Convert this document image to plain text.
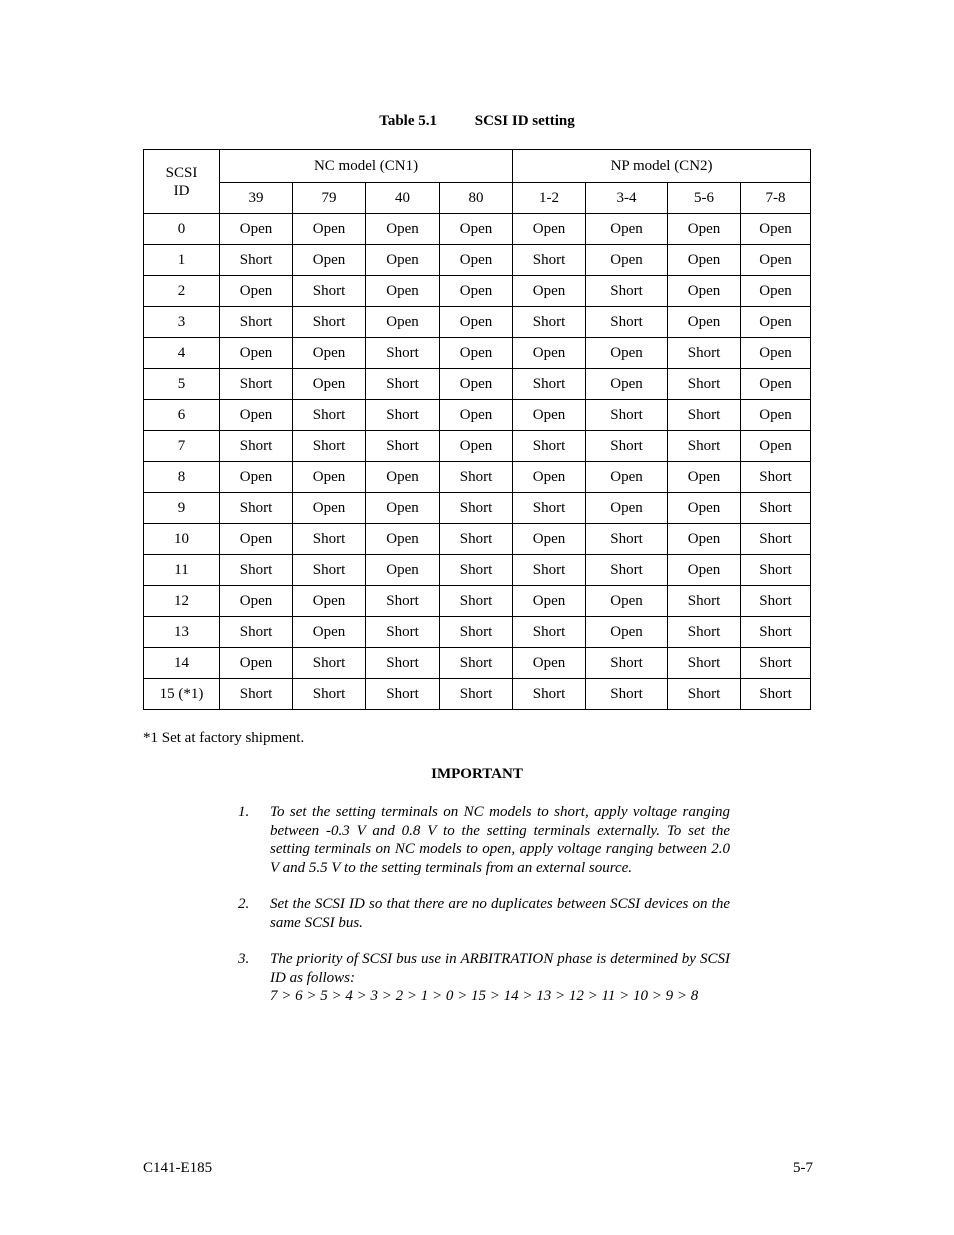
Table 5.1	SCSI ID setting
SCSI
ID	NC model (CN1)				NP model (CN2)			
	39	79	40	80	1-2	3-4	5-6	7-8
0	Open	Open	Open	Open	Open	Open	Open	Open
1	Short	Open	Open	Open	Short	Open	Open	Open
2	Open	Short	Open	Open	Open	Short	Open	Open
3	Short	Short	Open	Open	Short	Short	Open	Open
4	Open	Open	Short	Open	Open	Open	Short	Open
5	Short	Open	Short	Open	Short	Open	Short	Open
6	Open	Short	Short	Open	Open	Short	Short	Open
7	Short	Short	Short	Open	Short	Short	Short	Open
8	Open	Open	Open	Short	Open	Open	Open	Short
9	Short	Open	Open	Short	Short	Open	Open	Short
10	Open	Short	Open	Short	Open	Short	Open	Short
11	Short	Short	Open	Short	Short	Short	Open	Short
12	Open	Open	Short	Short	Open	Open	Short	Short
13	Short	Open	Short	Short	Short	Open	Short	Short
14	Open	Short	Short	Short	Open	Short	Short	Short
15 (*1)	Short	Short	Short	Short	Short	Short	Short	Short
*1 Set at factory shipment.
IMPORTANT
1. To set the setting terminals on NC models to short, apply voltage ranging between -0.3 V and 0.8 V to the setting terminals externally. To set the setting terminals on NC models to open, apply voltage ranging between 2.0 V and 5.5 V to the setting terminals from an external source.
2. Set the SCSI ID so that there are no duplicates between SCSI devices on the same SCSI bus.
3. The priority of SCSI bus use in ARBITRATION phase is determined by SCSI ID as follows:
7 > 6 > 5 > 4 > 3 > 2 > 1 > 0 > 15 > 14 > 13 > 12 > 11 > 10 > 9 > 8
C141-E185	5-7
